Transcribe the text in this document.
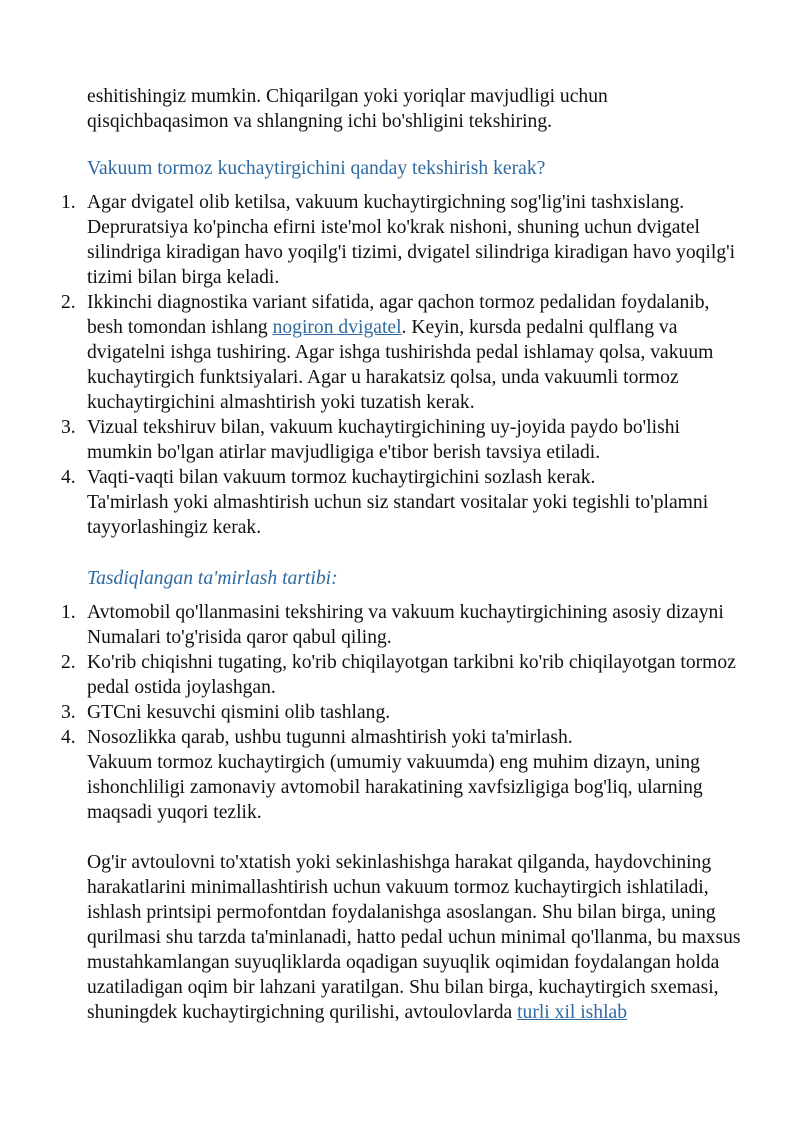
eshitishingiz mumkin. Chiqarilgan yoki yoriqlar mavjudligi uchun
qisqichbaqasimon va shlangning ichi bo'shligini tekshiring.

Vakuum tormoz kuchaytirgichini qanday tekshirish kerak?

1. Agar dvigatel olib ketilsa, vakuum kuchaytirgichning sog'lig'ini tashxislang. Depruratsiya ko'pincha efirni iste'mol ko'krak nishoni, shuning uchun dvigatel silindriga kiradigan havo yoqilg'i tizimi, dvigatel silindriga kiradigan havo yoqilg'i tizimi bilan birga keladi.
2. Ikkinchi diagnostika variant sifatida, agar qachon tormoz pedalidan foydalanib, besh tomondan ishlang nogiron dvigatel. Keyin, kursda pedalni qulflang va dvigatelni ishga tushiring. Agar ishga tushirishda pedal ishlamay qolsa, vakuum kuchaytirgich funktsiyalari. Agar u harakatsiz qolsa, unda vakuumli tormoz kuchaytirgichini almashtirish yoki tuzatish kerak.
3. Vizual tekshiruv bilan, vakuum kuchaytirgichining uy-joyida paydo bo'lishi mumkin bo'lgan atirlar mavjudligiga e'tibor berish tavsiya etiladi.
4. Vaqti-vaqti bilan vakuum tormoz kuchaytirgichini sozlash kerak.
Ta'mirlash yoki almashtirish uchun siz standart vositalar yoki tegishli to'plamni tayyorlashingiz kerak.

Tasdiqlangan ta'mirlash tartibi:

1. Avtomobil qo'llanmasini tekshiring va vakuum kuchaytirgichining asosiy dizayni Numalari to'g'risida qaror qabul qiling.
2. Ko'rib chiqishni tugating, ko'rib chiqilayotgan tarkibni ko'rib chiqilayotgan tormoz pedal ostida joylashgan.
3. GTCni kesuvchi qismini olib tashlang.
4. Nosozlikka qarab, ushbu tugunni almashtirish yoki ta'mirlash.
Vakuum tormoz kuchaytirgich (umumiy vakuumda) eng muhim dizayn, uning ishonchliligi zamonaviy avtomobil harakatining xavfsizligiga bog'liq, ularning maqsadi yuqori tezlik.

Og'ir avtoulovni to'xtatish yoki sekinlashishga harakat qilganda, haydovchining harakatlarini minimallashtirish uchun vakuum tormoz kuchaytirgich ishlatiladi, ishlash printsipi permofontdan foydalanishga asoslangan. Shu bilan birga, uning qurilmasi shu tarzda ta'minlanadi, hatto pedal uchun minimal qo'llanma, bu maxsus mustahkamlangan suyuqliklarda oqadigan suyuqlik oqimidan foydalangan holda uzatiladigan oqim bir lahzani yaratilgan. Shu bilan birga, kuchaytirgich sxemasi, shuningdek kuchaytirgichning qurilishi, avtoulovlarda turli xil ishlab
